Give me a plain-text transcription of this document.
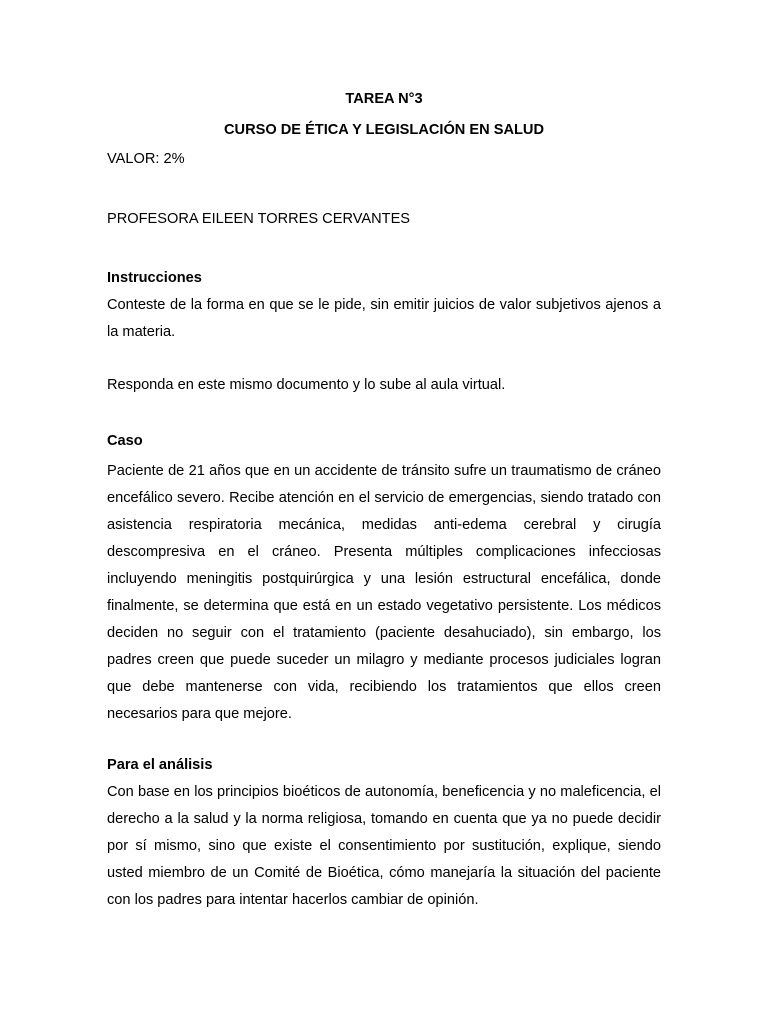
TAREA N°3

CURSO DE ÉTICA Y LEGISLACIÓN EN SALUD

VALOR: 2%

PROFESORA EILEEN TORRES CERVANTES

Instrucciones

Conteste de la forma en que se le pide, sin emitir juicios de valor subjetivos ajenos a la materia.

Responda en este mismo documento y lo sube al aula virtual.

Caso

Paciente de 21 años que en un accidente de tránsito sufre un traumatismo de cráneo encefálico severo. Recibe atención en el servicio de emergencias, siendo tratado con asistencia respiratoria mecánica, medidas anti-edema cerebral y cirugía descompresiva en el cráneo. Presenta múltiples complicaciones infecciosas incluyendo meningitis postquirúrgica y una lesión estructural encefálica, donde finalmente, se determina que está en un estado vegetativo persistente. Los médicos deciden no seguir con el tratamiento (paciente desahuciado), sin embargo, los padres creen que puede suceder un milagro y mediante procesos judiciales logran que debe mantenerse con vida, recibiendo los tratamientos que ellos creen necesarios para que mejore.

Para el análisis

Con base en los principios bioéticos de autonomía, beneficencia y no maleficencia, el derecho a la salud y la norma religiosa, tomando en cuenta que ya no puede decidir por sí mismo, sino que existe el consentimiento por sustitución, explique, siendo usted miembro de un Comité de Bioética, cómo manejaría la situación del paciente con los padres para intentar hacerlos cambiar de opinión.
